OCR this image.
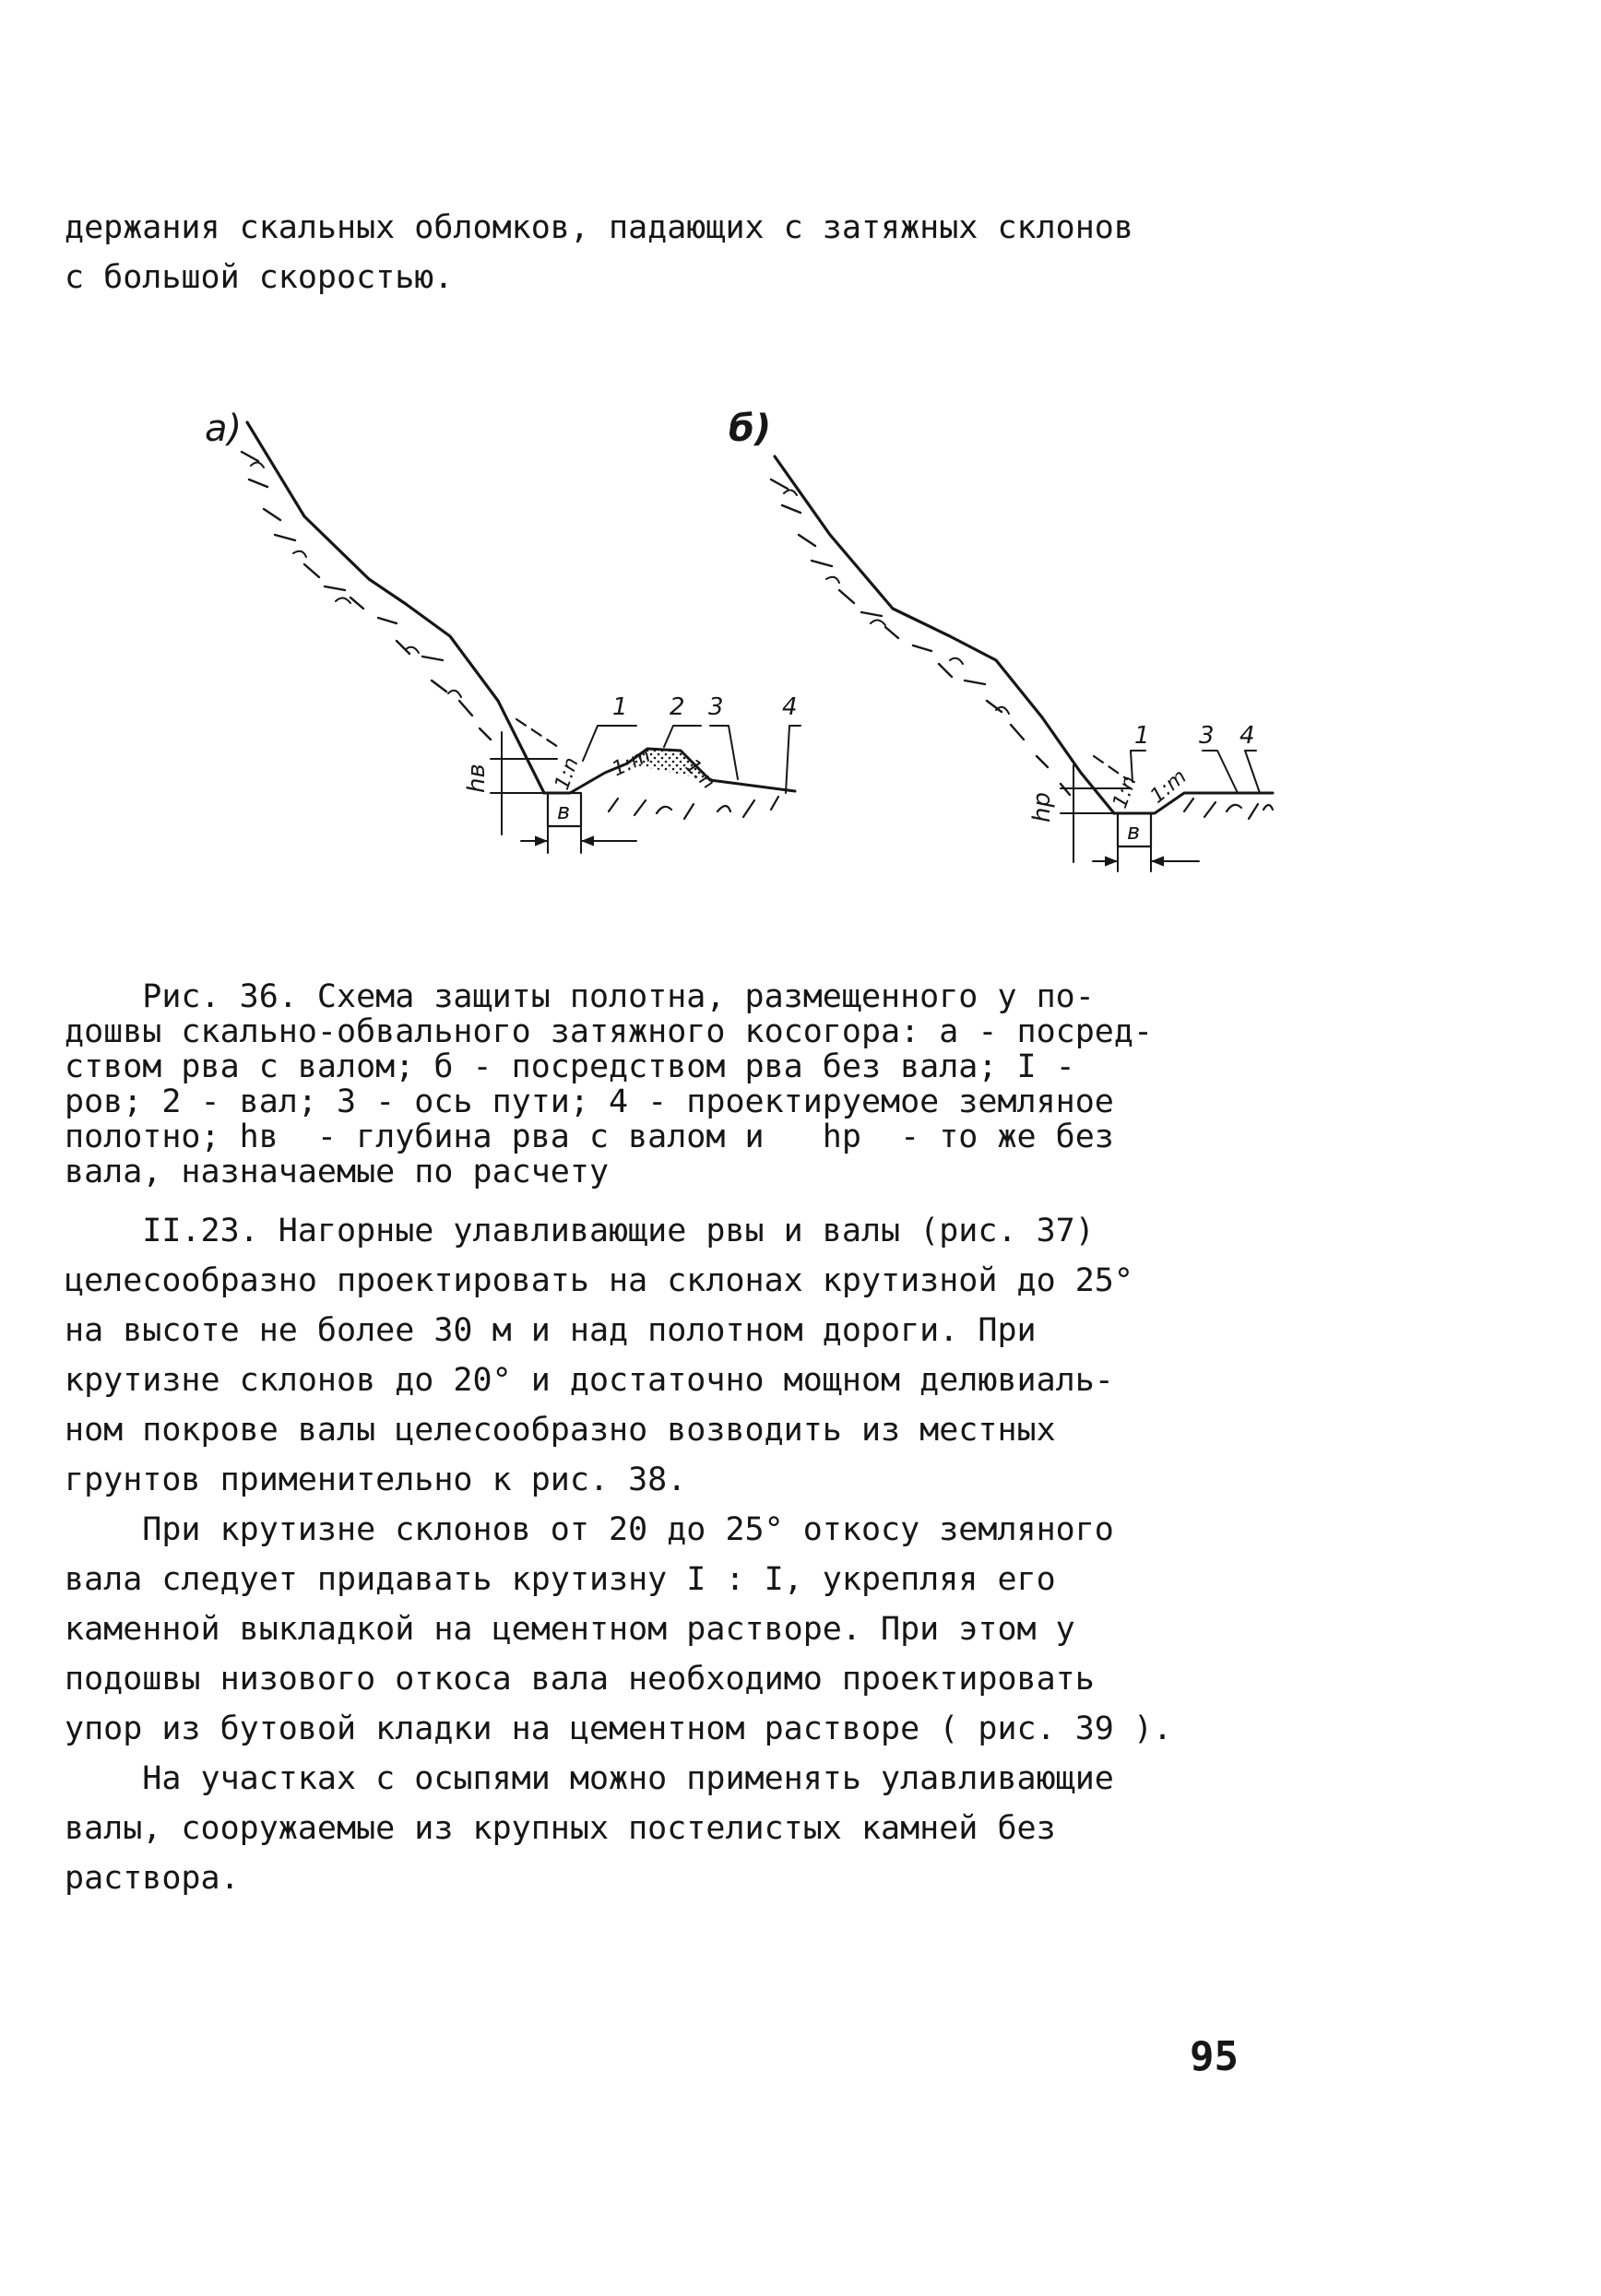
держания скальных обломков, падающих с затяжных склонов
с большой скоростью.
а)
hв
в
1:n 1:m 1:n
1 2 3 4
б)
hр
в
1:n 1:m
1 3 4
Рис. 36. Схема защиты полотна, размещенного у по-
дошвы скально-обвального затяжного косогора: а - посред-
ством рва с валом; б - посредством рва без вала; I -
ров; 2 - вал; 3 - ось пути; 4 - проектируемое земляное
полотно; hв  - глубина рва с валом и   hр  - то же без
вала, назначаемые по расчету
II.23. Нагорные улавливающие рвы и валы (рис. 37)
целесообразно проектировать на склонах крутизной до 25°
на высоте не более 30 м и над полотном дороги. При
крутизне склонов до 20° и достаточно мощном делювиаль-
ном покрове валы целесообразно возводить из местных
грунтов применительно к рис. 38.
При крутизне склонов от 20 до 25° откосу земляного
вала следует придавать крутизну I : I, укрепляя его
каменной выкладкой на цементном растворе. При этом у
подошвы низового откоса вала необходимо проектировать
упор из бутовой кладки на цементном растворе ( рис. 39 ).
На участках с осыпями можно применять улавливающие
валы, сооружаемые из крупных постелистых камней без
раствора.
95
